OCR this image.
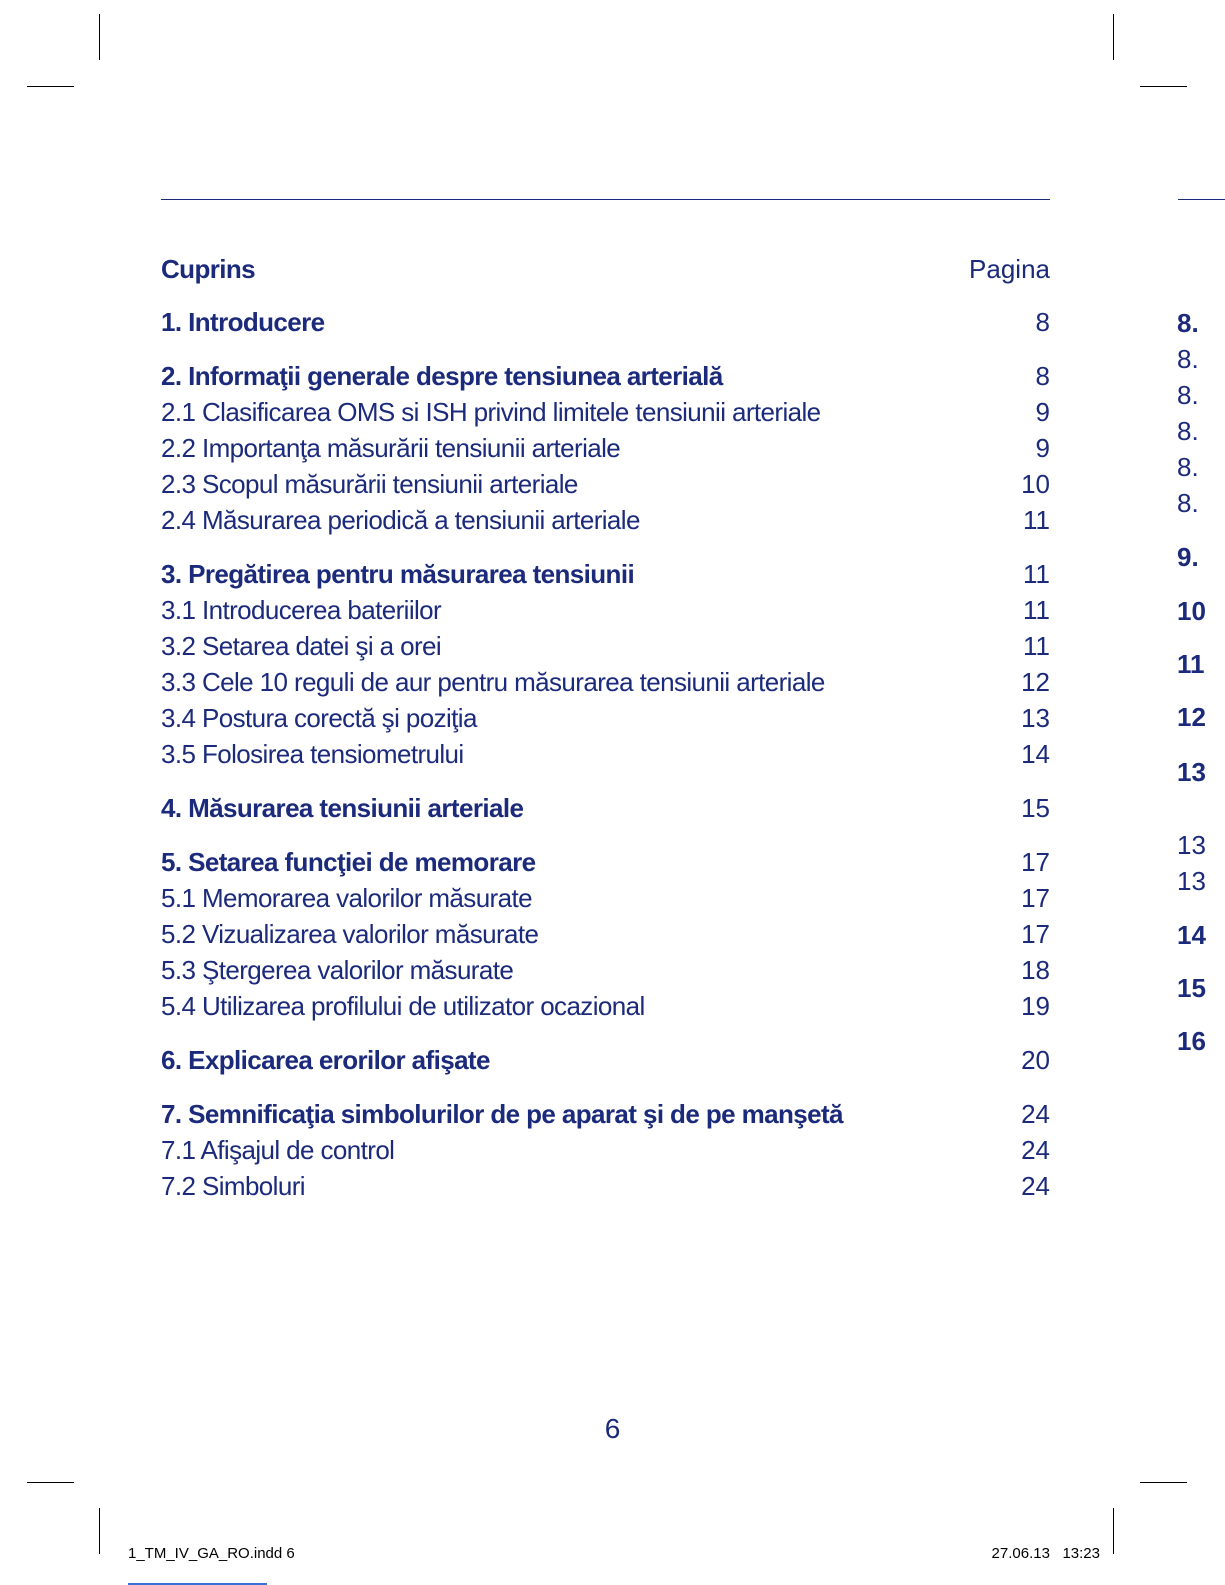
Cuprins	Pagina
1. Introducere	8
2. Informaţii generale despre tensiunea arterială	8
2.1 Clasificarea OMS si ISH privind limitele tensiunii arteriale	9
2.2 Importanţa măsurării tensiunii arteriale	9
2.3 Scopul măsurării tensiunii arteriale	10
2.4 Măsurarea periodică a tensiunii arteriale	11
3. Pregătirea pentru măsurarea tensiunii	11
3.1 Introducerea bateriilor	11
3.2 Setarea datei şi a orei	11
3.3 Cele 10 reguli de aur pentru măsurarea tensiunii arteriale	12
3.4 Postura corectă şi poziţia	13
3.5 Folosirea tensiometrului	14
4. Măsurarea tensiunii arteriale	15
5. Setarea funcţiei de memorare	17
5.1 Memorarea valorilor măsurate	17
5.2 Vizualizarea valorilor măsurate	17
5.3 Ştergerea valorilor măsurate	18
5.4 Utilizarea profilului de utilizator ocazional	19
6. Explicarea erorilor afişate	20
7. Semnificaţia simbolurilor de pe aparat şi de pe manşetă	24
7.1 Afişajul de control	24
7.2 Simboluri	24
8.
8.
8.
8.
8.
8.
9.
10
11
12
13
13
13
14
15
16
6
1_TM_IV_GA_RO.indd 6	27.06.13 13:23
